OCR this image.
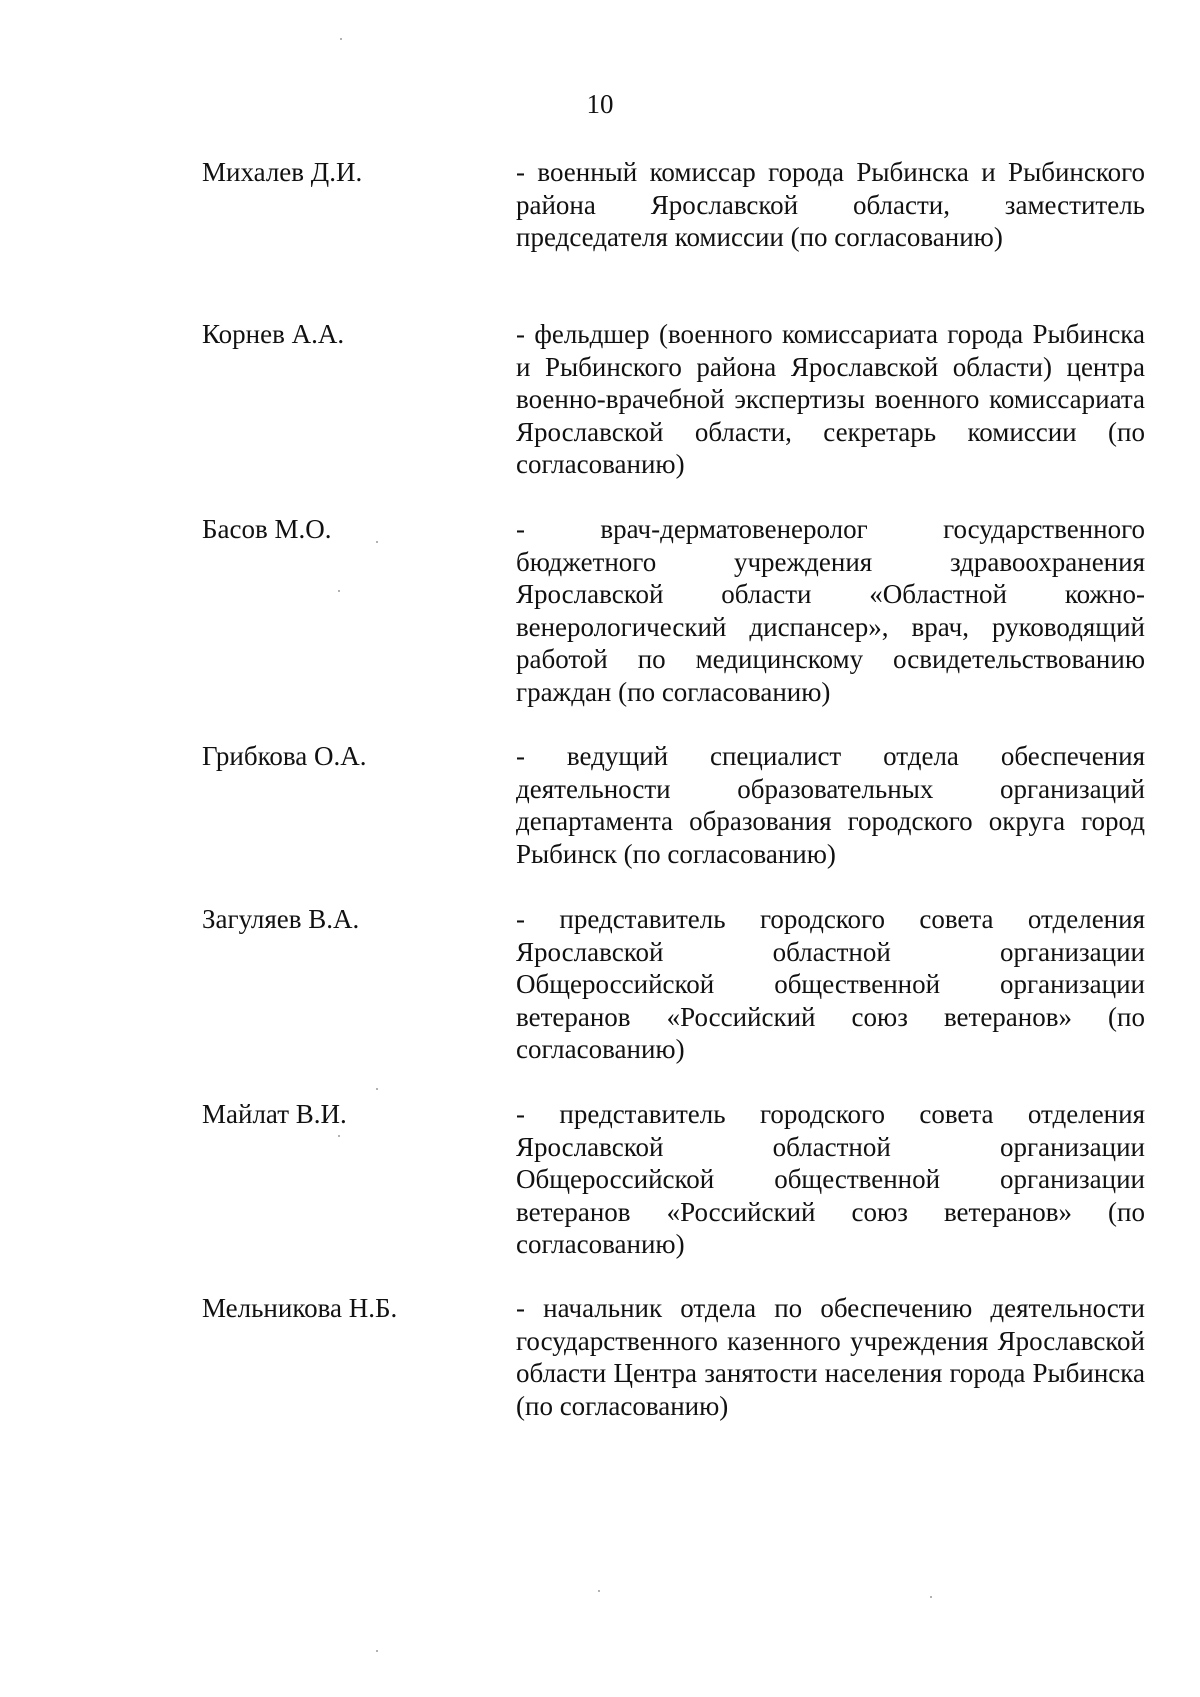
10
Михалев Д.И.	- военный комиссар города Рыбинска и Рыбинского района Ярославской области, заместитель председателя комиссии (по согласованию)
Корнев А.А.	- фельдшер (военного комиссариата города Рыбинска и Рыбинского района Ярославской области) центра военно-врачебной экспертизы военного комиссариата Ярославской области, секретарь комиссии (по согласованию)
Басов М.О.	- врач-дерматовенеролог государственного бюджетного учреждения здравоохранения Ярославской области «Областной кожно-венерологический диспансер», врач, руководящий работой по медицинскому освидетельствованию граждан (по согласованию)
Грибкова О.А.	- ведущий специалист отдела обеспечения деятельности образовательных организаций департамента образования городского округа город Рыбинск (по согласованию)
Загуляев В.А.	- представитель городского совета отделения Ярославской областной организации Общероссийской общественной организации ветеранов «Российский союз ветеранов» (по согласованию)
Майлат В.И.	- представитель городского совета отделения Ярославской областной организации Общероссийской общественной организации ветеранов «Российский союз ветеранов» (по согласованию)
Мельникова Н.Б.	- начальник отдела по обеспечению деятельности государственного казенного учреждения Ярославской области Центра занятости населения города Рыбинска (по согласованию)
